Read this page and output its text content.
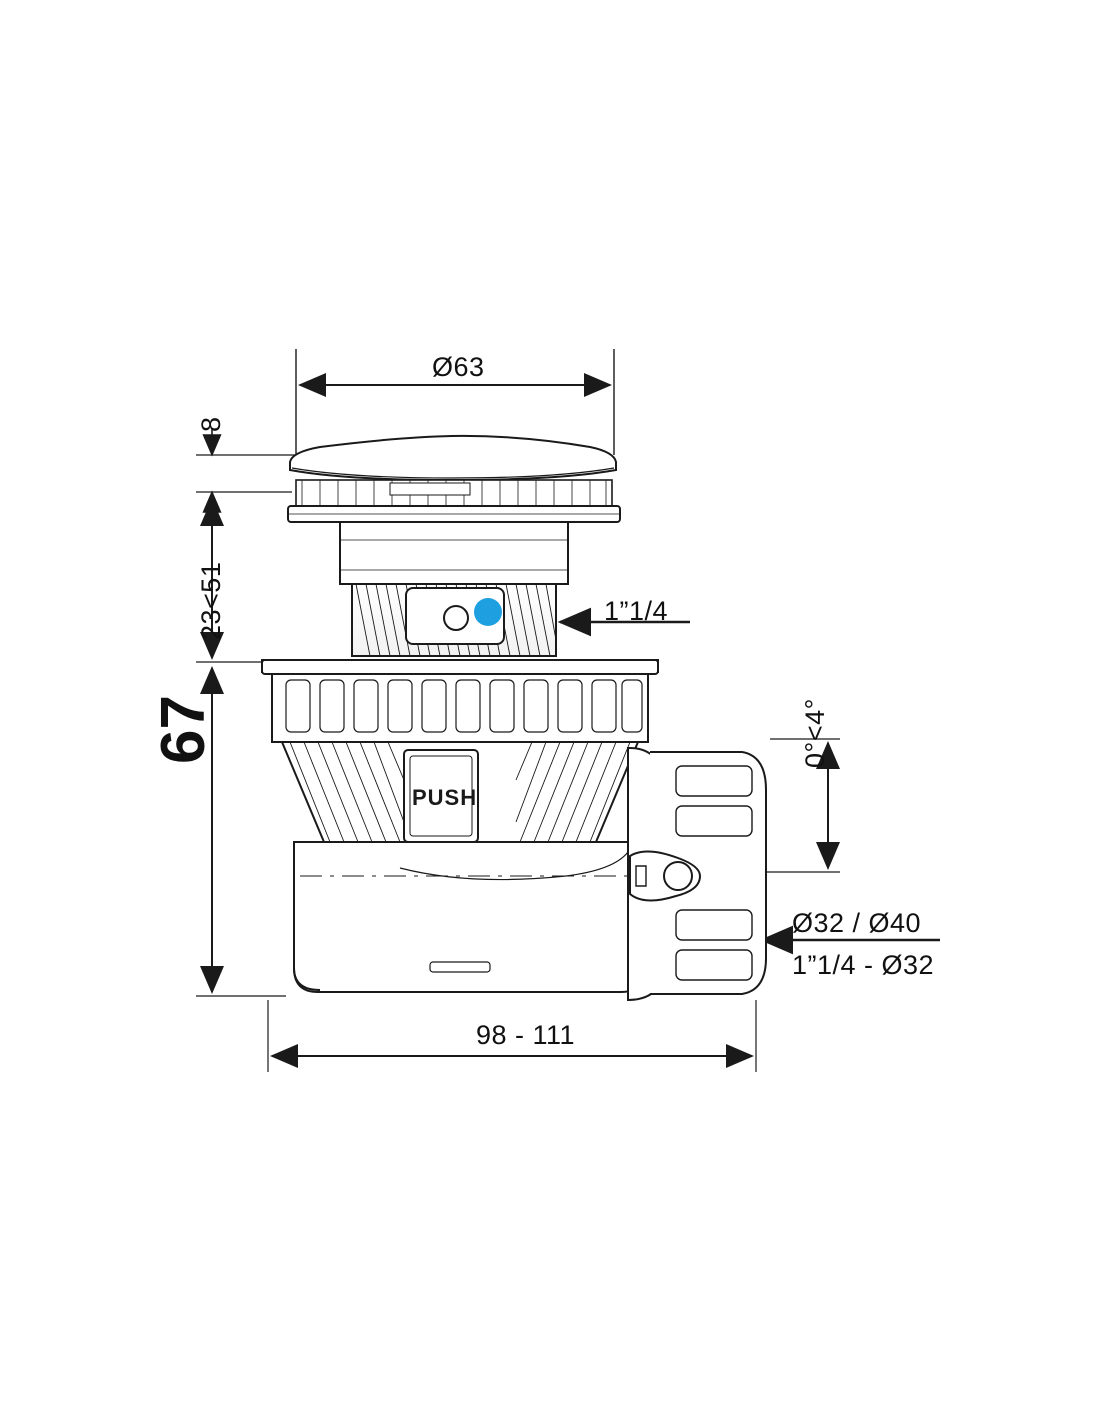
Ø63
8
23<51
67
1”1/4
0°<4°
Ø32 / Ø40
1”1/4 - Ø32
98 - 111
PUSH
